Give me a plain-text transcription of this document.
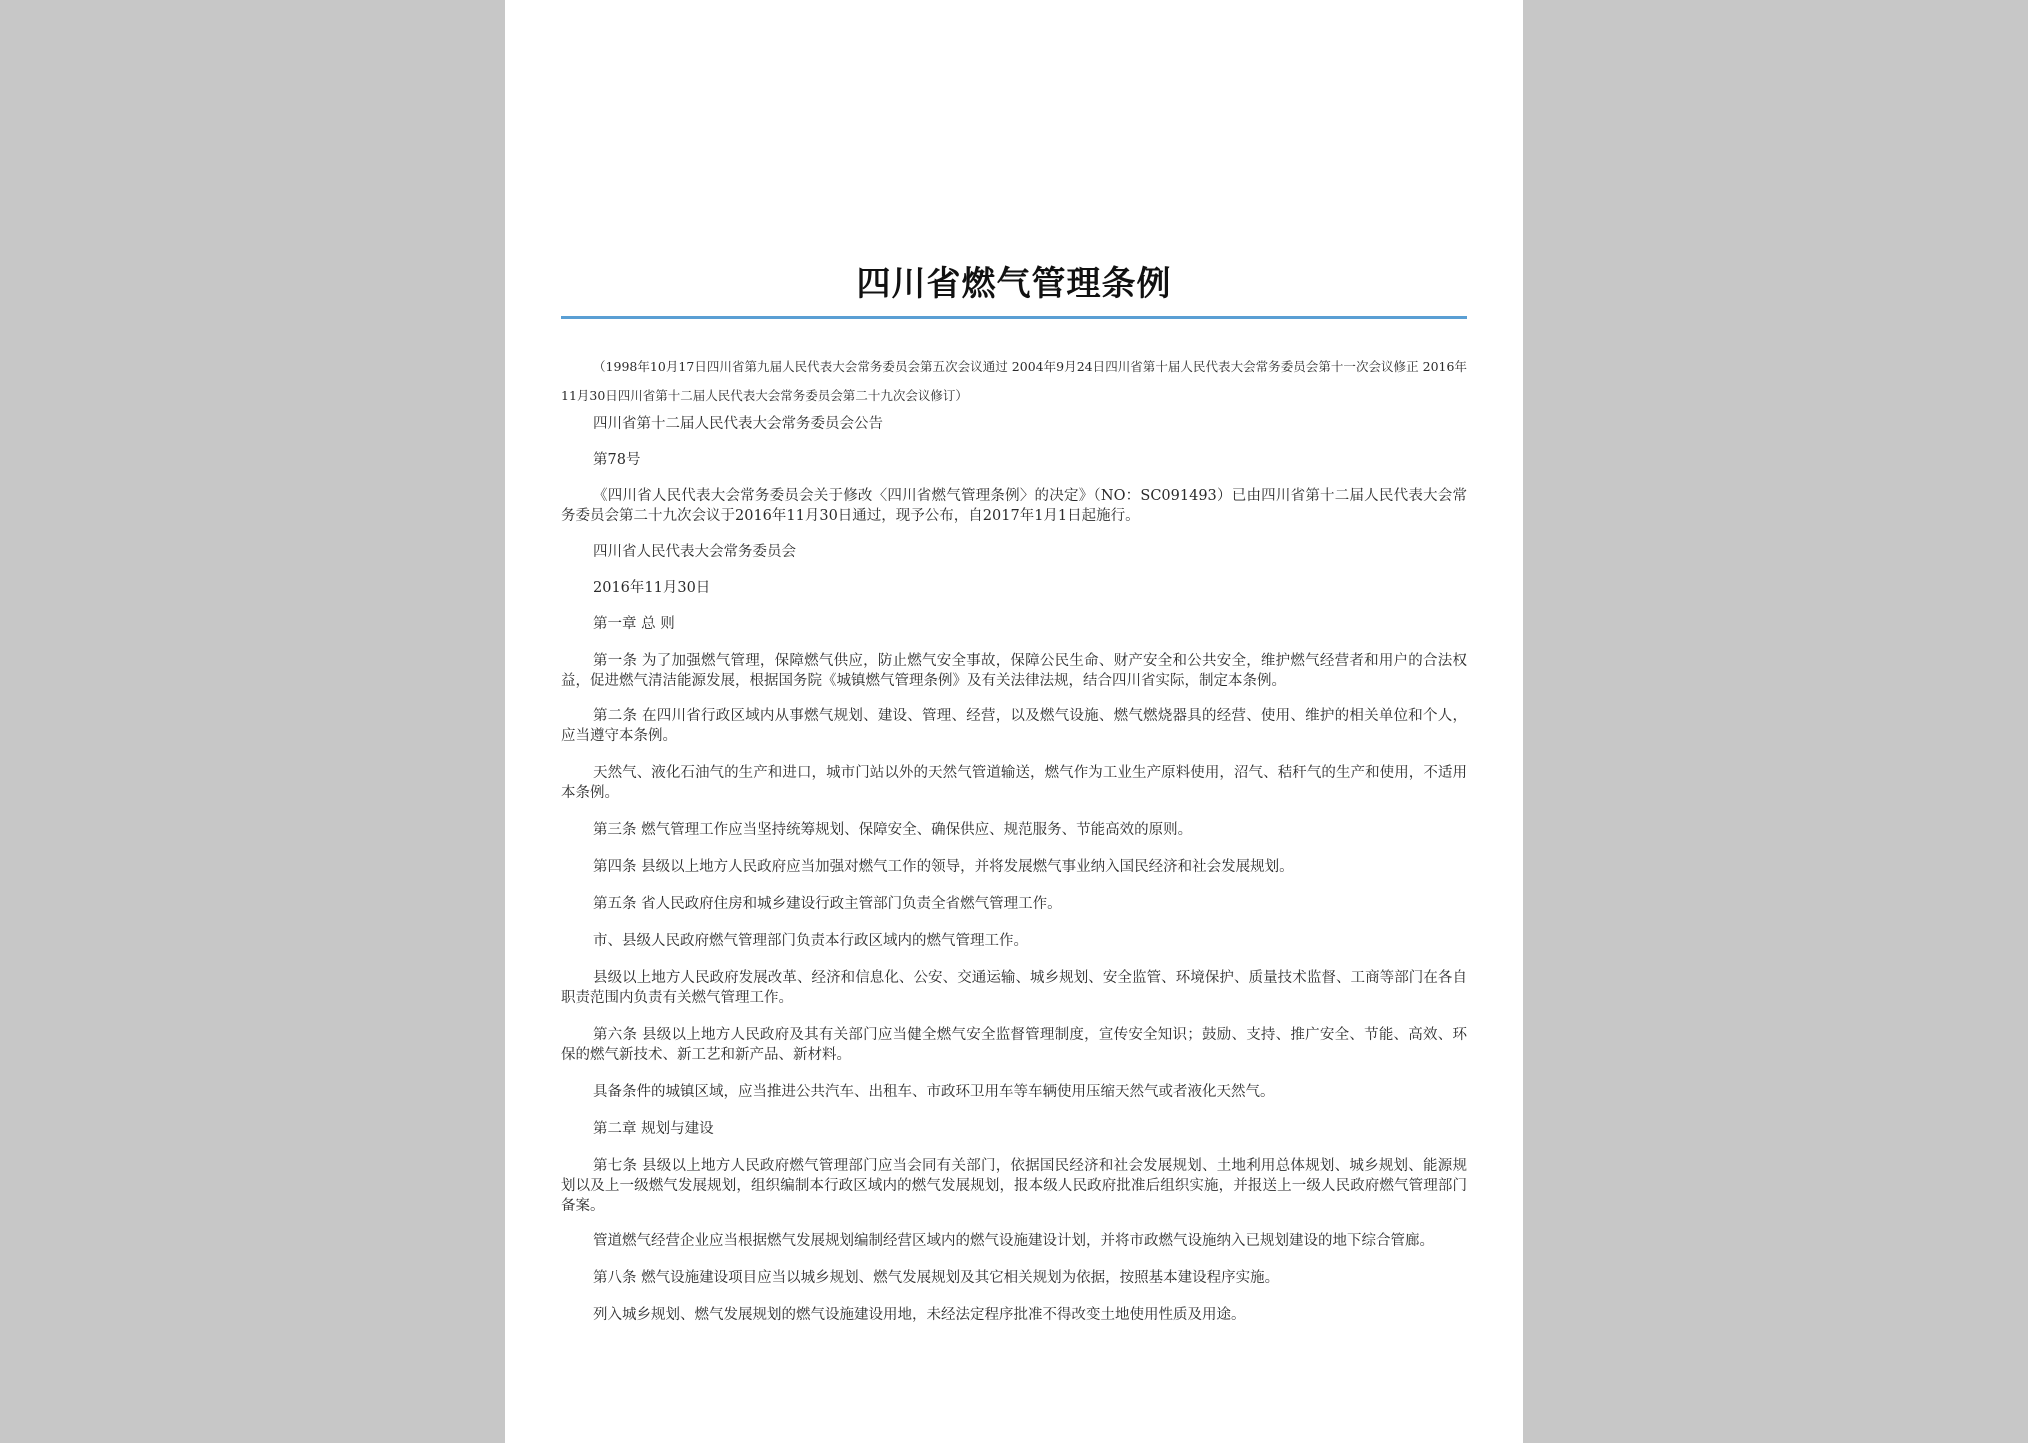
四川省燃气管理条例

（1998年10月17日四川省第九届人民代表大会常务委员会第五次会议通过 2004年9月24日四川省第十届人民代表大会常务委员会第十一次会议修正 2016年11月30日四川省第十二届人民代表大会常务委员会第二十九次会议修订）

四川省第十二届人民代表大会常务委员会公告

第78号

《四川省人民代表大会常务委员会关于修改〈四川省燃气管理条例〉的决定》（NO：SC091493）已由四川省第十二届人民代表大会常务委员会第二十九次会议于2016年11月30日通过，现予公布，自2017年1月1日起施行。

四川省人民代表大会常务委员会

2016年11月30日

第一章 总 则

第一条 为了加强燃气管理，保障燃气供应，防止燃气安全事故，保障公民生命、财产安全和公共安全，维护燃气经营者和用户的合法权益，促进燃气清洁能源发展，根据国务院《城镇燃气管理条例》及有关法律法规，结合四川省实际，制定本条例。

第二条 在四川省行政区域内从事燃气规划、建设、管理、经营，以及燃气设施、燃气燃烧器具的经营、使用、维护的相关单位和个人，应当遵守本条例。

天然气、液化石油气的生产和进口，城市门站以外的天然气管道输送，燃气作为工业生产原料使用，沼气、秸秆气的生产和使用，不适用本条例。

第三条 燃气管理工作应当坚持统筹规划、保障安全、确保供应、规范服务、节能高效的原则。

第四条 县级以上地方人民政府应当加强对燃气工作的领导，并将发展燃气事业纳入国民经济和社会发展规划。

第五条 省人民政府住房和城乡建设行政主管部门负责全省燃气管理工作。

市、县级人民政府燃气管理部门负责本行政区域内的燃气管理工作。

县级以上地方人民政府发展改革、经济和信息化、公安、交通运输、城乡规划、安全监管、环境保护、质量技术监督、工商等部门在各自职责范围内负责有关燃气管理工作。

第六条 县级以上地方人民政府及其有关部门应当健全燃气安全监督管理制度，宣传安全知识；鼓励、支持、推广安全、节能、高效、环保的燃气新技术、新工艺和新产品、新材料。

具备条件的城镇区域，应当推进公共汽车、出租车、市政环卫用车等车辆使用压缩天然气或者液化天然气。

第二章 规划与建设

第七条 县级以上地方人民政府燃气管理部门应当会同有关部门，依据国民经济和社会发展规划、土地利用总体规划、城乡规划、能源规划以及上一级燃气发展规划，组织编制本行政区域内的燃气发展规划，报本级人民政府批准后组织实施，并报送上一级人民政府燃气管理部门备案。

管道燃气经营企业应当根据燃气发展规划编制经营区域内的燃气设施建设计划，并将市政燃气设施纳入已规划建设的地下综合管廊。

第八条 燃气设施建设项目应当以城乡规划、燃气发展规划及其它相关规划为依据，按照基本建设程序实施。

列入城乡规划、燃气发展规划的燃气设施建设用地，未经法定程序批准不得改变土地使用性质及用途。
